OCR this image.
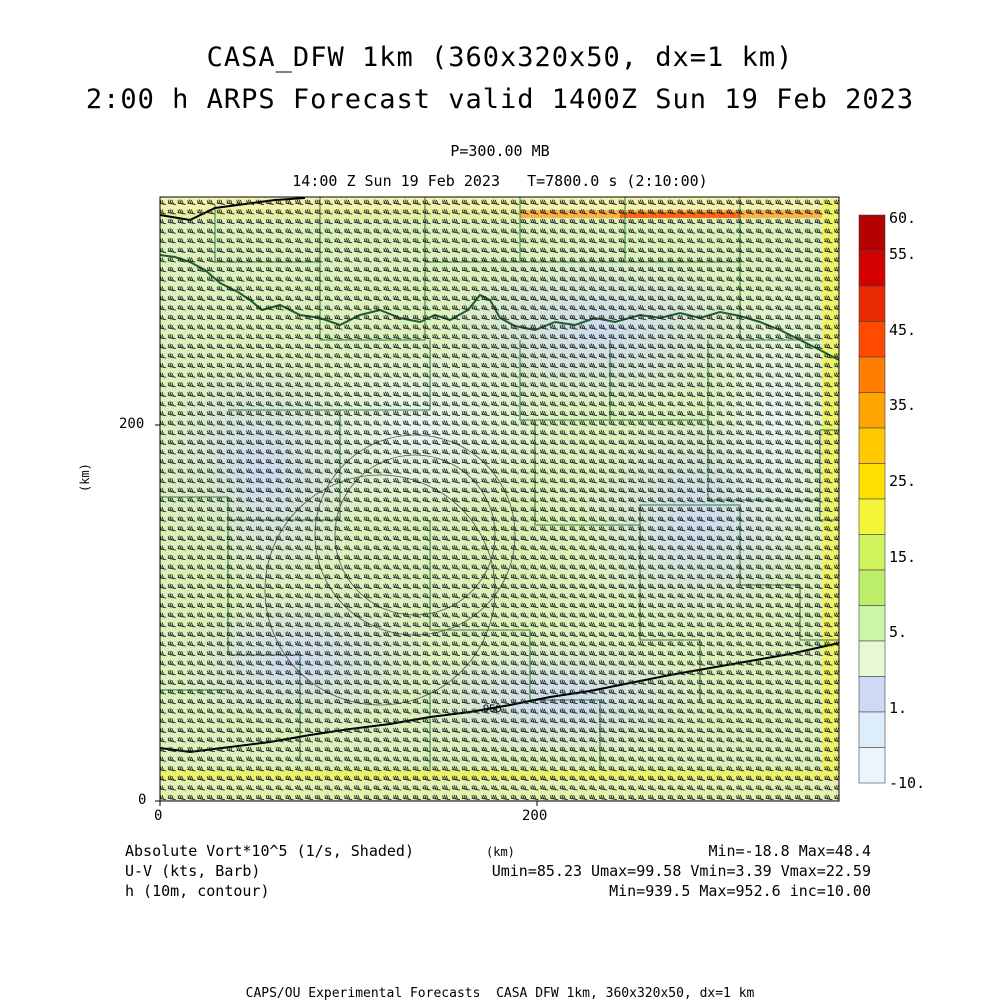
CASA_DFW 1km (360x320x50, dx=1 km)
2:00 h ARPS Forecast valid 1400Z Sun 19 Feb 2023
P=300.00 MB
14:00 Z Sun 19 Feb 2023   T=7800.0 s (2:10:00)
950
200
0
0	200
(km)
(km)
60.
55.
45.
35.
25.
15.
5.
1.
-10.
Absolute Vort*10^5 (1/s, Shaded)
U-V (kts, Barb)
h (10m, contour)
Min=-18.8 Max=48.4
Umin=85.23 Umax=99.58 Vmin=3.39 Vmax=22.59
Min=939.5 Max=952.6 inc=10.00
CAPS/OU Experimental Forecasts  CASA DFW 1km, 360x320x50, dx=1 km
